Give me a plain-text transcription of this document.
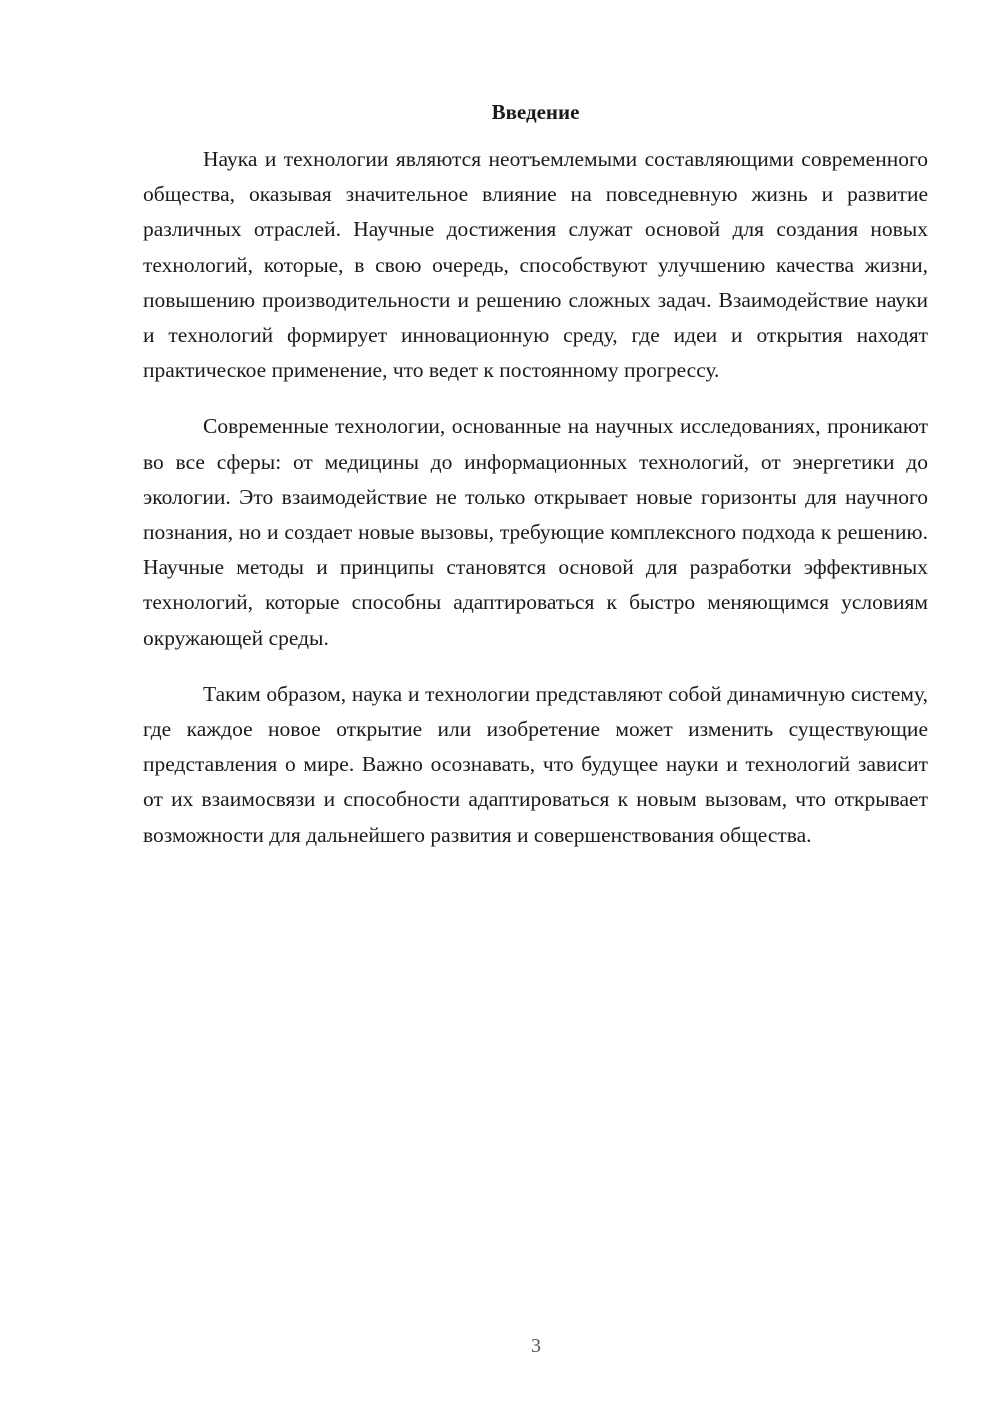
Введение

Наука и технологии являются неотъемлемыми составляющими современного общества, оказывая значительное влияние на повседневную жизнь и развитие различных отраслей. Научные достижения служат основой для создания новых технологий, которые, в свою очередь, способствуют улучшению качества жизни, повышению производительности и решению сложных задач. Взаимодействие науки и технологий формирует инновационную среду, где идеи и открытия находят практическое применение, что ведет к постоянному прогрессу.

Современные технологии, основанные на научных исследованиях, проникают во все сферы: от медицины до информационных технологий, от энергетики до экологии. Это взаимодействие не только открывает новые горизонты для научного познания, но и создает новые вызовы, требующие комплексного подхода к решению. Научные методы и принципы становятся основой для разработки эффективных технологий, которые способны адаптироваться к быстро меняющимся условиям окружающей среды.

Таким образом, наука и технологии представляют собой динамичную систему, где каждое новое открытие или изобретение может изменить существующие представления о мире. Важно осознавать, что будущее науки и технологий зависит от их взаимосвязи и способности адаптироваться к новым вызовам, что открывает возможности для дальнейшего развития и совершенствования общества.

3
